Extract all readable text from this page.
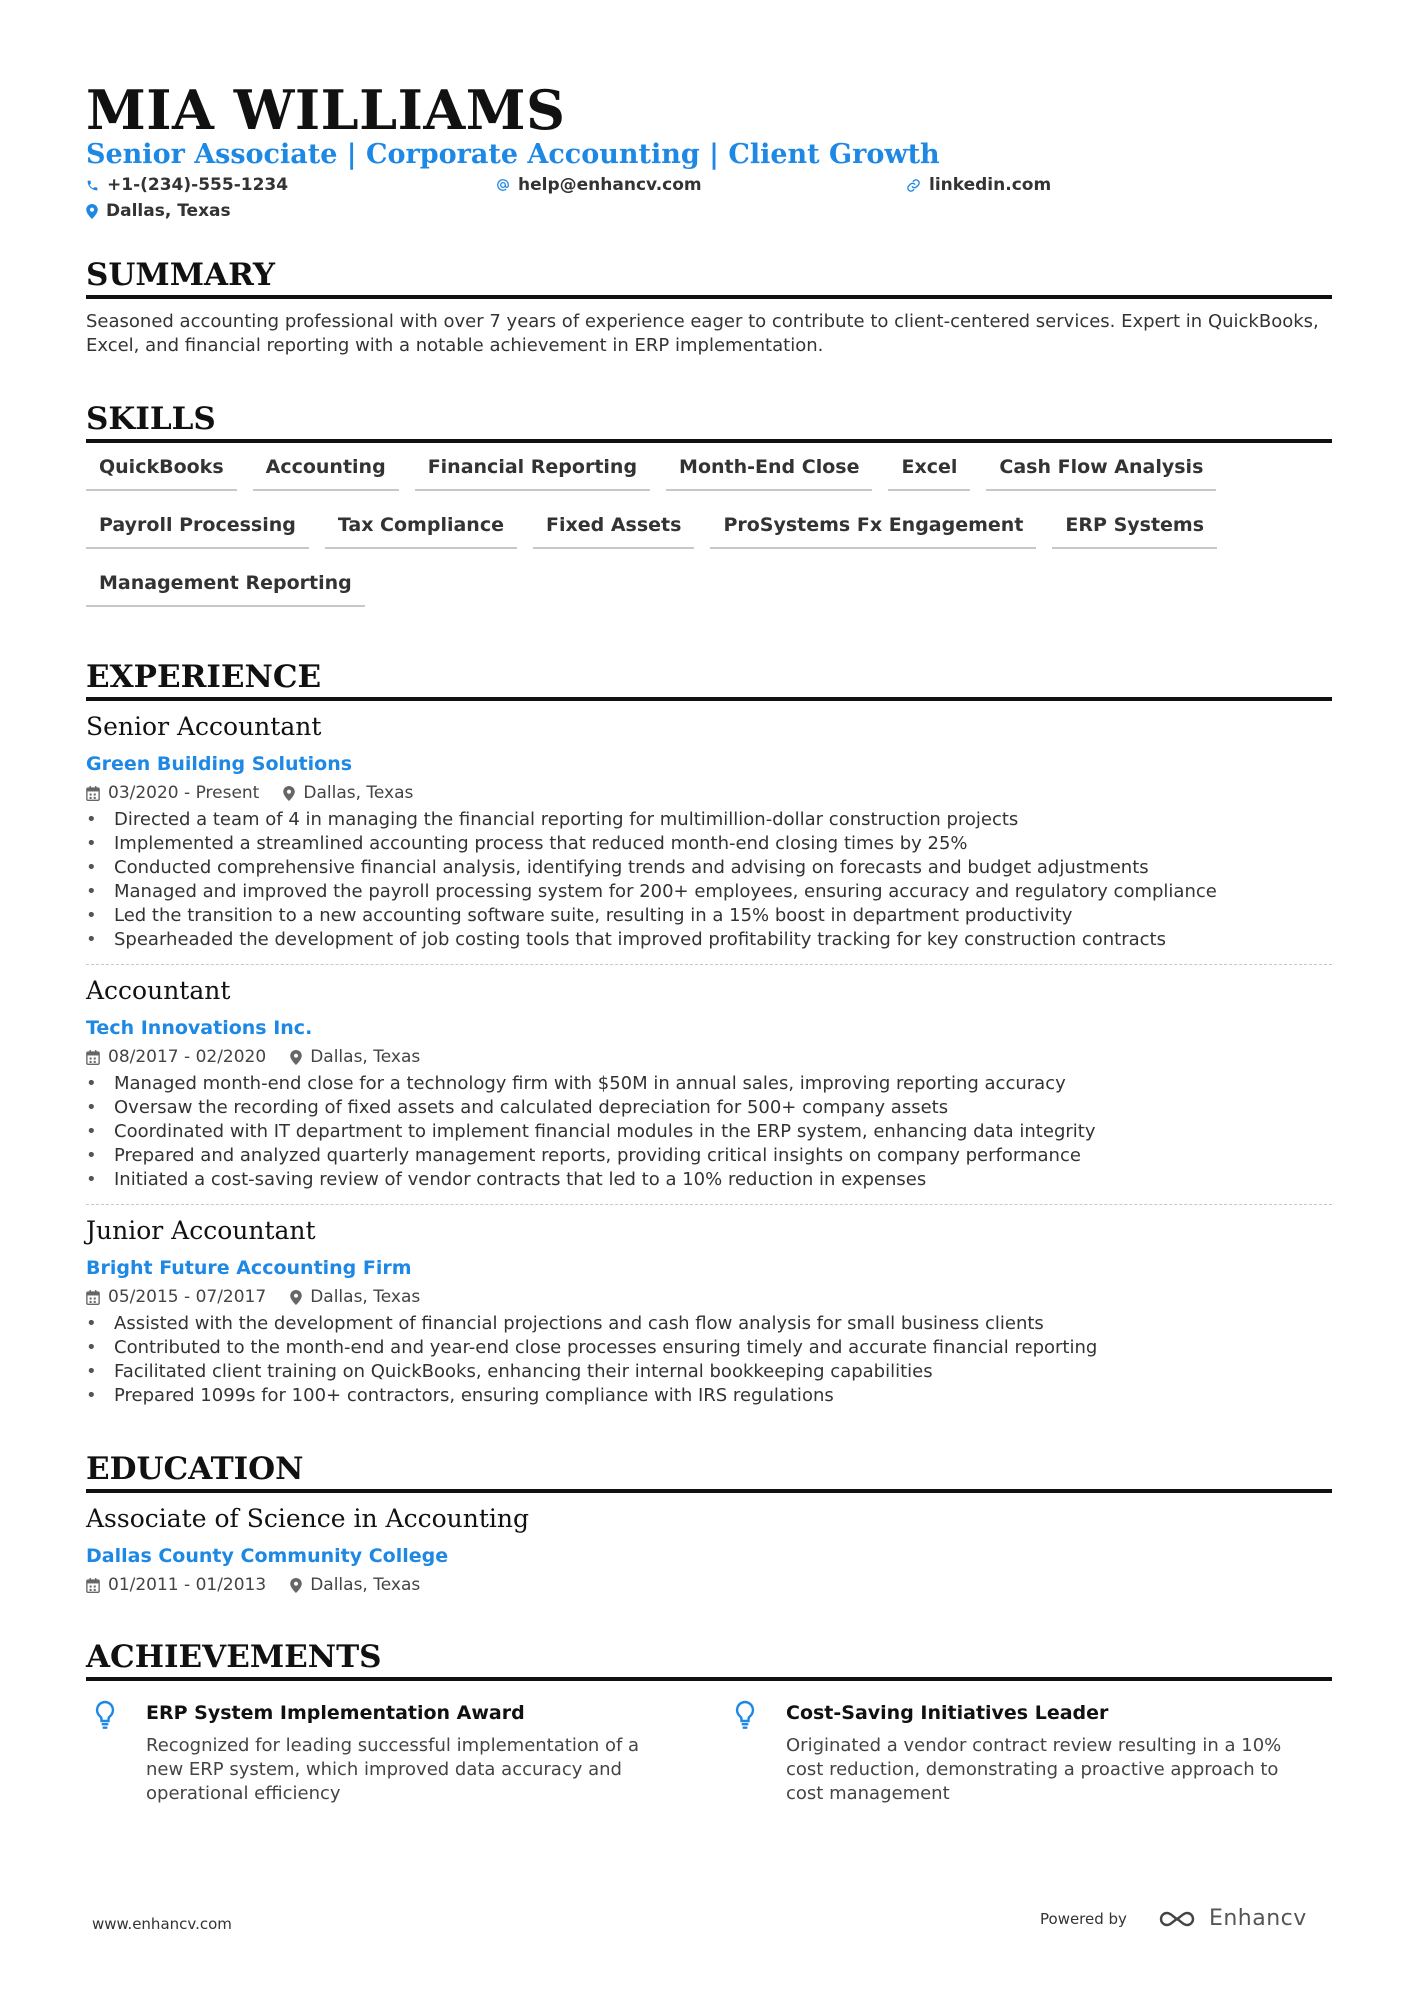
MIA WILLIAMS
Senior Associate | Corporate Accounting | Client Growth
+1-(234)-555-1234	help@enhancv.com	linkedin.com
Dallas, Texas
SUMMARY
Seasoned accounting professional with over 7 years of experience eager to contribute to client-centered services. Expert in QuickBooks, Excel, and financial reporting with a notable achievement in ERP implementation.
SKILLS
QuickBooks	Accounting	Financial Reporting	Month-End Close	Excel	Cash Flow Analysis
Payroll Processing	Tax Compliance	Fixed Assets	ProSystems Fx Engagement	ERP Systems
Management Reporting
EXPERIENCE
Senior Accountant
Green Building Solutions
03/2020 - Present	Dallas, Texas
• Directed a team of 4 in managing the financial reporting for multimillion-dollar construction projects
• Implemented a streamlined accounting process that reduced month-end closing times by 25%
• Conducted comprehensive financial analysis, identifying trends and advising on forecasts and budget adjustments
• Managed and improved the payroll processing system for 200+ employees, ensuring accuracy and regulatory compliance
• Led the transition to a new accounting software suite, resulting in a 15% boost in department productivity
• Spearheaded the development of job costing tools that improved profitability tracking for key construction contracts
Accountant
Tech Innovations Inc.
08/2017 - 02/2020	Dallas, Texas
• Managed month-end close for a technology firm with $50M in annual sales, improving reporting accuracy
• Oversaw the recording of fixed assets and calculated depreciation for 500+ company assets
• Coordinated with IT department to implement financial modules in the ERP system, enhancing data integrity
• Prepared and analyzed quarterly management reports, providing critical insights on company performance
• Initiated a cost-saving review of vendor contracts that led to a 10% reduction in expenses
Junior Accountant
Bright Future Accounting Firm
05/2015 - 07/2017	Dallas, Texas
• Assisted with the development of financial projections and cash flow analysis for small business clients
• Contributed to the month-end and year-end close processes ensuring timely and accurate financial reporting
• Facilitated client training on QuickBooks, enhancing their internal bookkeeping capabilities
• Prepared 1099s for 100+ contractors, ensuring compliance with IRS regulations
EDUCATION
Associate of Science in Accounting
Dallas County Community College
01/2011 - 01/2013	Dallas, Texas
ACHIEVEMENTS
ERP System Implementation Award
Recognized for leading successful implementation of a new ERP system, which improved data accuracy and operational efficiency
Cost-Saving Initiatives Leader
Originated a vendor contract review resulting in a 10% cost reduction, demonstrating a proactive approach to cost management
www.enhancv.com	Powered by	Enhancv
